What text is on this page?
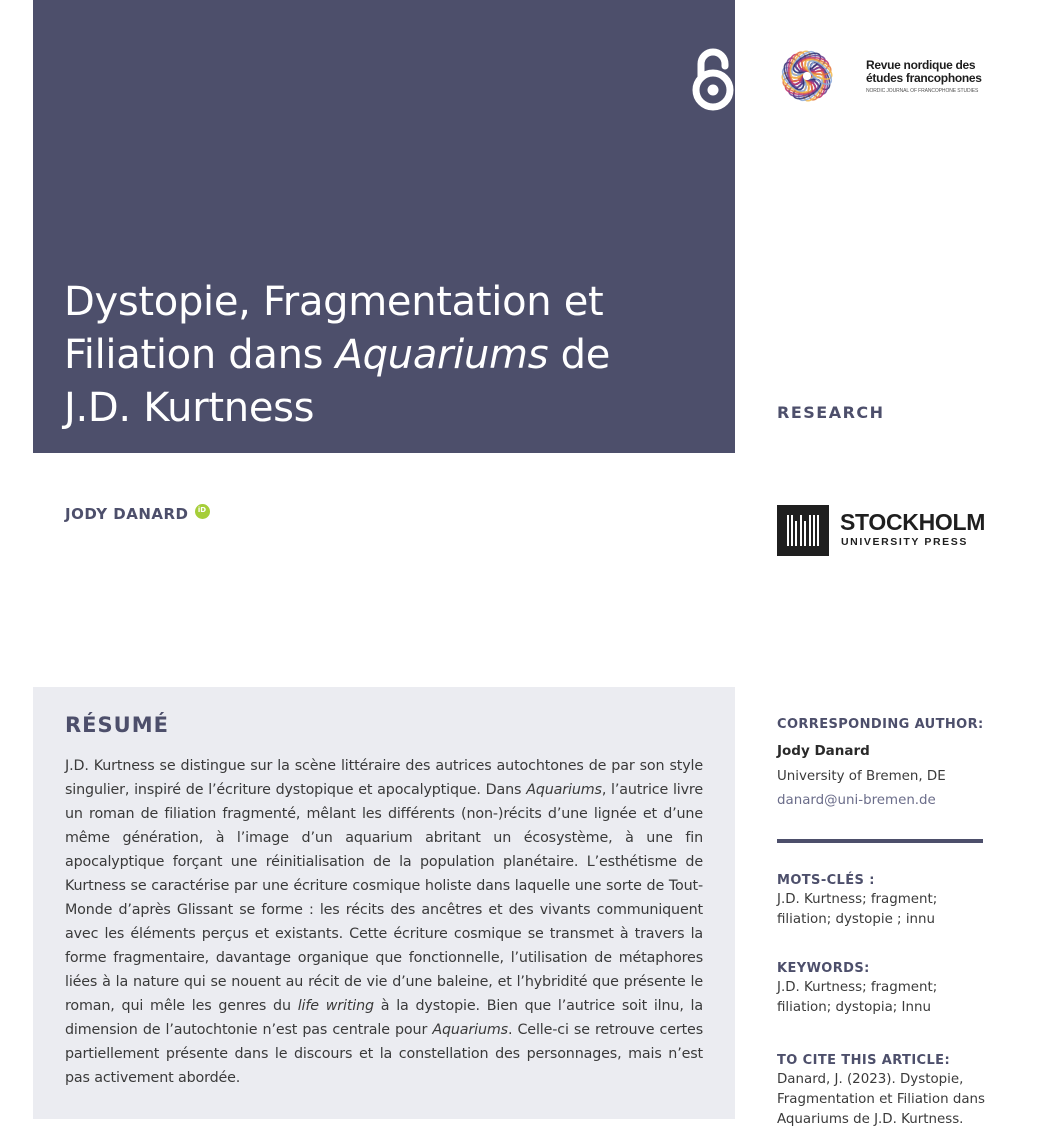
Dystopie, Fragmentation et
Filiation dans Aquariums de
J.D. Kurtness
Revue nordique des
études francophones
NORDIC JOURNAL OF FRANCOPHONE STUDIES
RESEARCH
JODY DANARD	iD	STOCKHOLM
UNIVERSITY PRESS
RÉSUMÉ

J.D. Kurtness se distingue sur la scène littéraire des autrices autochtones de par son style singulier, inspiré de l’écriture dystopique et apocalyptique. Dans Aquariums, l’autrice livre un roman de filiation fragmenté, mêlant les différents (non-)récits d’une lignée et d’une même génération, à l’image d’un aquarium abritant un écosystème, à une fin apocalyptique forçant une réinitialisation de la population planétaire. L’esthétisme de Kurtness se caractérise par une écriture cosmique holiste dans laquelle une sorte de Tout-Monde d’après Glissant se forme : les récits des ancêtres et des vivants communiquent avec les éléments perçus et existants. Cette écriture cosmique se transmet à travers la forme fragmentaire, davantage organique que fonctionnelle, l’utilisation de métaphores liées à la nature qui se nouent au récit de vie d’une baleine, et l’hybridité que présente le roman, qui mêle les genres du life writing à la dystopie. Bien que l’autrice soit ilnu, la dimension de l’autochtonie n’est pas centrale pour Aquariums. Celle-ci se retrouve certes partiellement présente dans le discours et la constellation des personnages, mais n’est pas activement abordée.

CORRESPONDING AUTHOR:
Jody Danard
University of Bremen, DE
danard@uni-bremen.de
MOTS-CLÉS :
J.D. Kurtness; fragment;
filiation; dystopie ; innu
KEYWORDS:
J.D. Kurtness; fragment;
filiation; dystopia; Innu
TO CITE THIS ARTICLE:
Danard, J. (2023). Dystopie,
Fragmentation et Filiation dans
Aquariums de J.D. Kurtness.
